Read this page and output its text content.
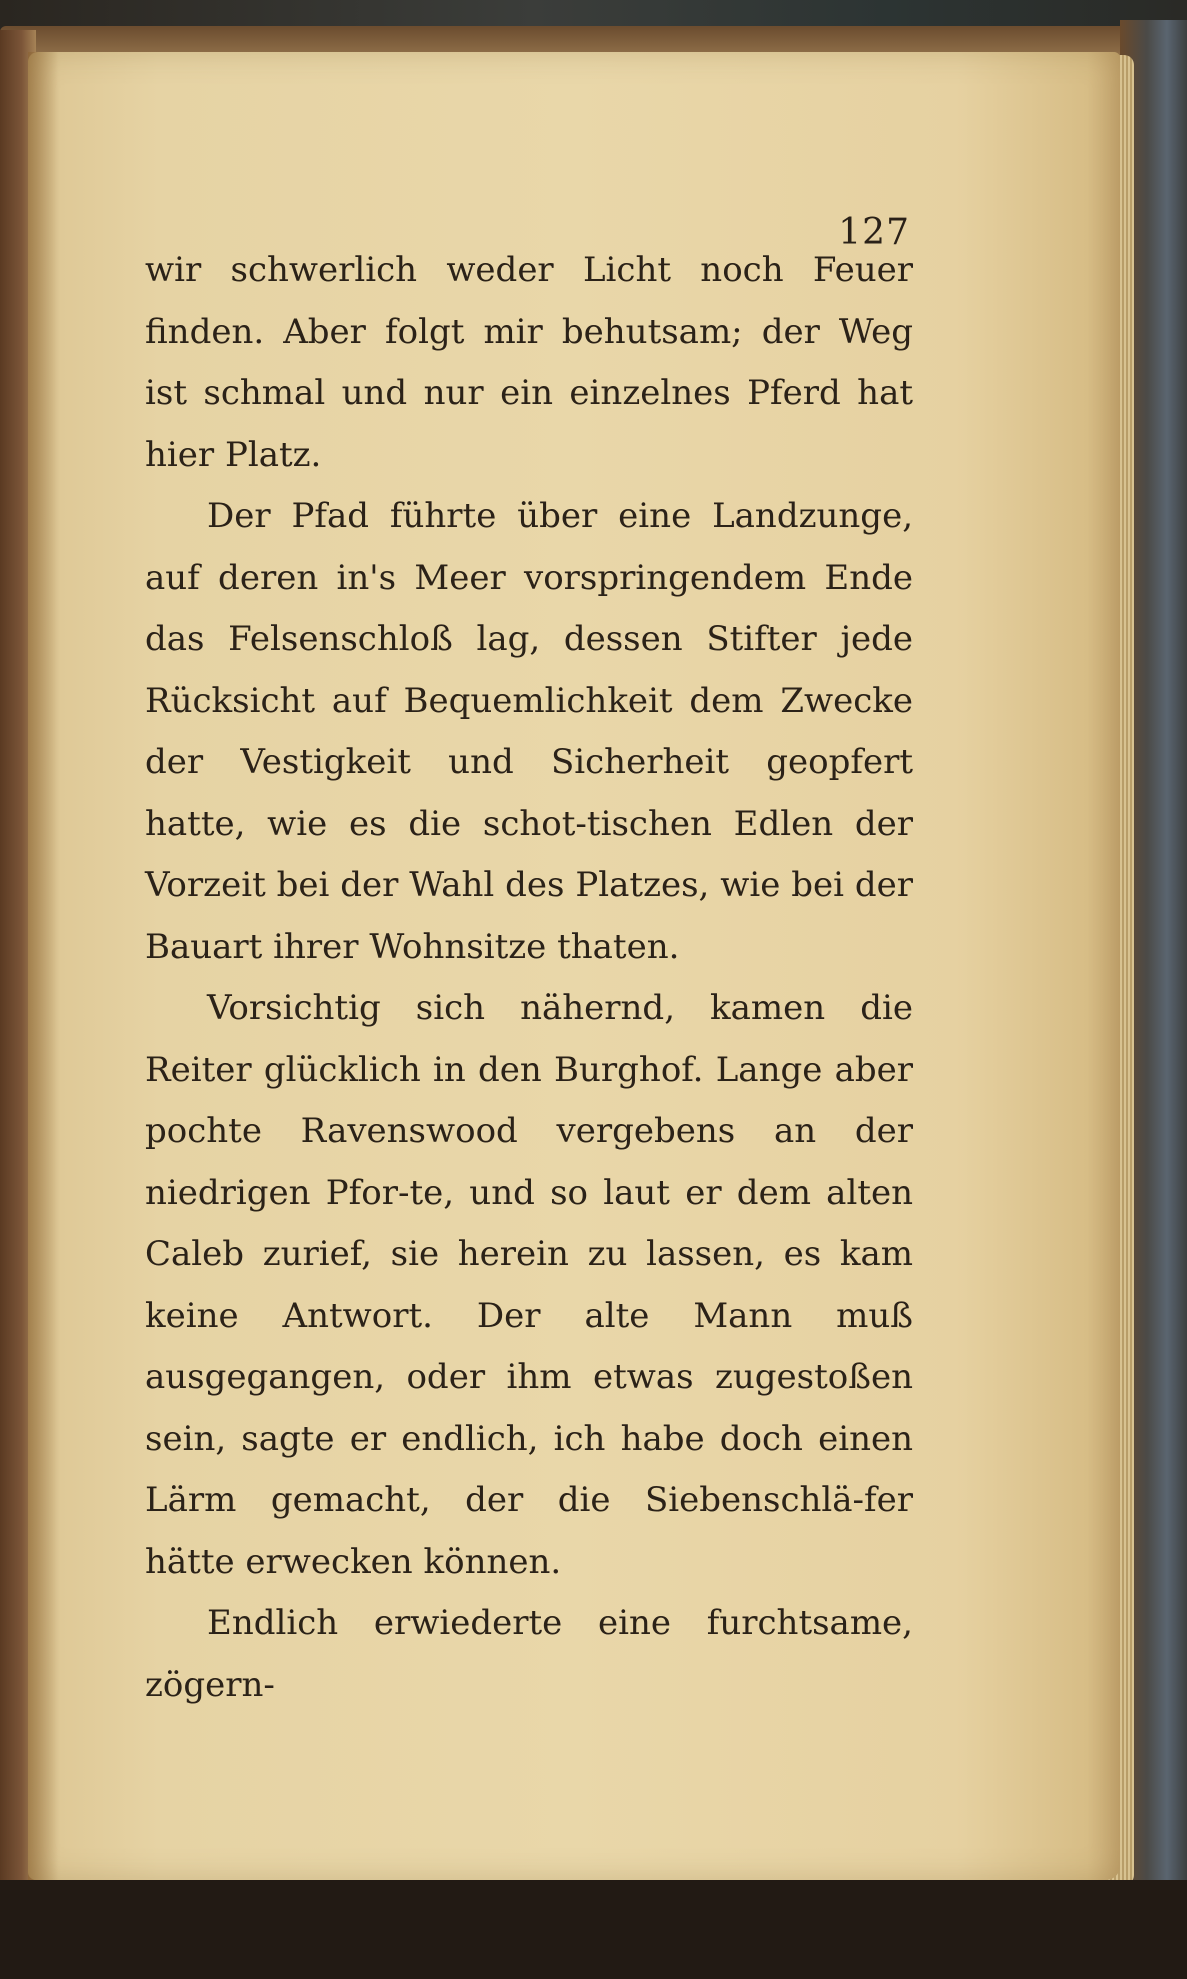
127

wir schwerlich weder Licht noch Feuer finden. Aber folgt mir behutsam; der Weg ist schmal und nur ein einzelnes Pferd hat hier Platz.

Der Pfad führte über eine Landzunge, auf deren in's Meer vorspringendem Ende das Felsenschloß lag, dessen Stifter jede Rücksicht auf Bequemlichkeit dem Zwecke der Vestigkeit und Sicherheit geopfert hatte, wie es die schot-tischen Edlen der Vorzeit bei der Wahl des Platzes, wie bei der Bauart ihrer Wohnsitze thaten.

Vorsichtig sich nähernd, kamen die Reiter glücklich in den Burghof. Lange aber pochte Ravenswood vergebens an der niedrigen Pfor-te, und so laut er dem alten Caleb zurief, sie herein zu lassen, es kam keine Antwort. Der alte Mann muß ausgegangen, oder ihm etwas zugestoßen sein, sagte er endlich, ich habe doch einen Lärm gemacht, der die Siebenschlä-fer hätte erwecken können.

Endlich erwiederte eine furchtsame, zögern-
